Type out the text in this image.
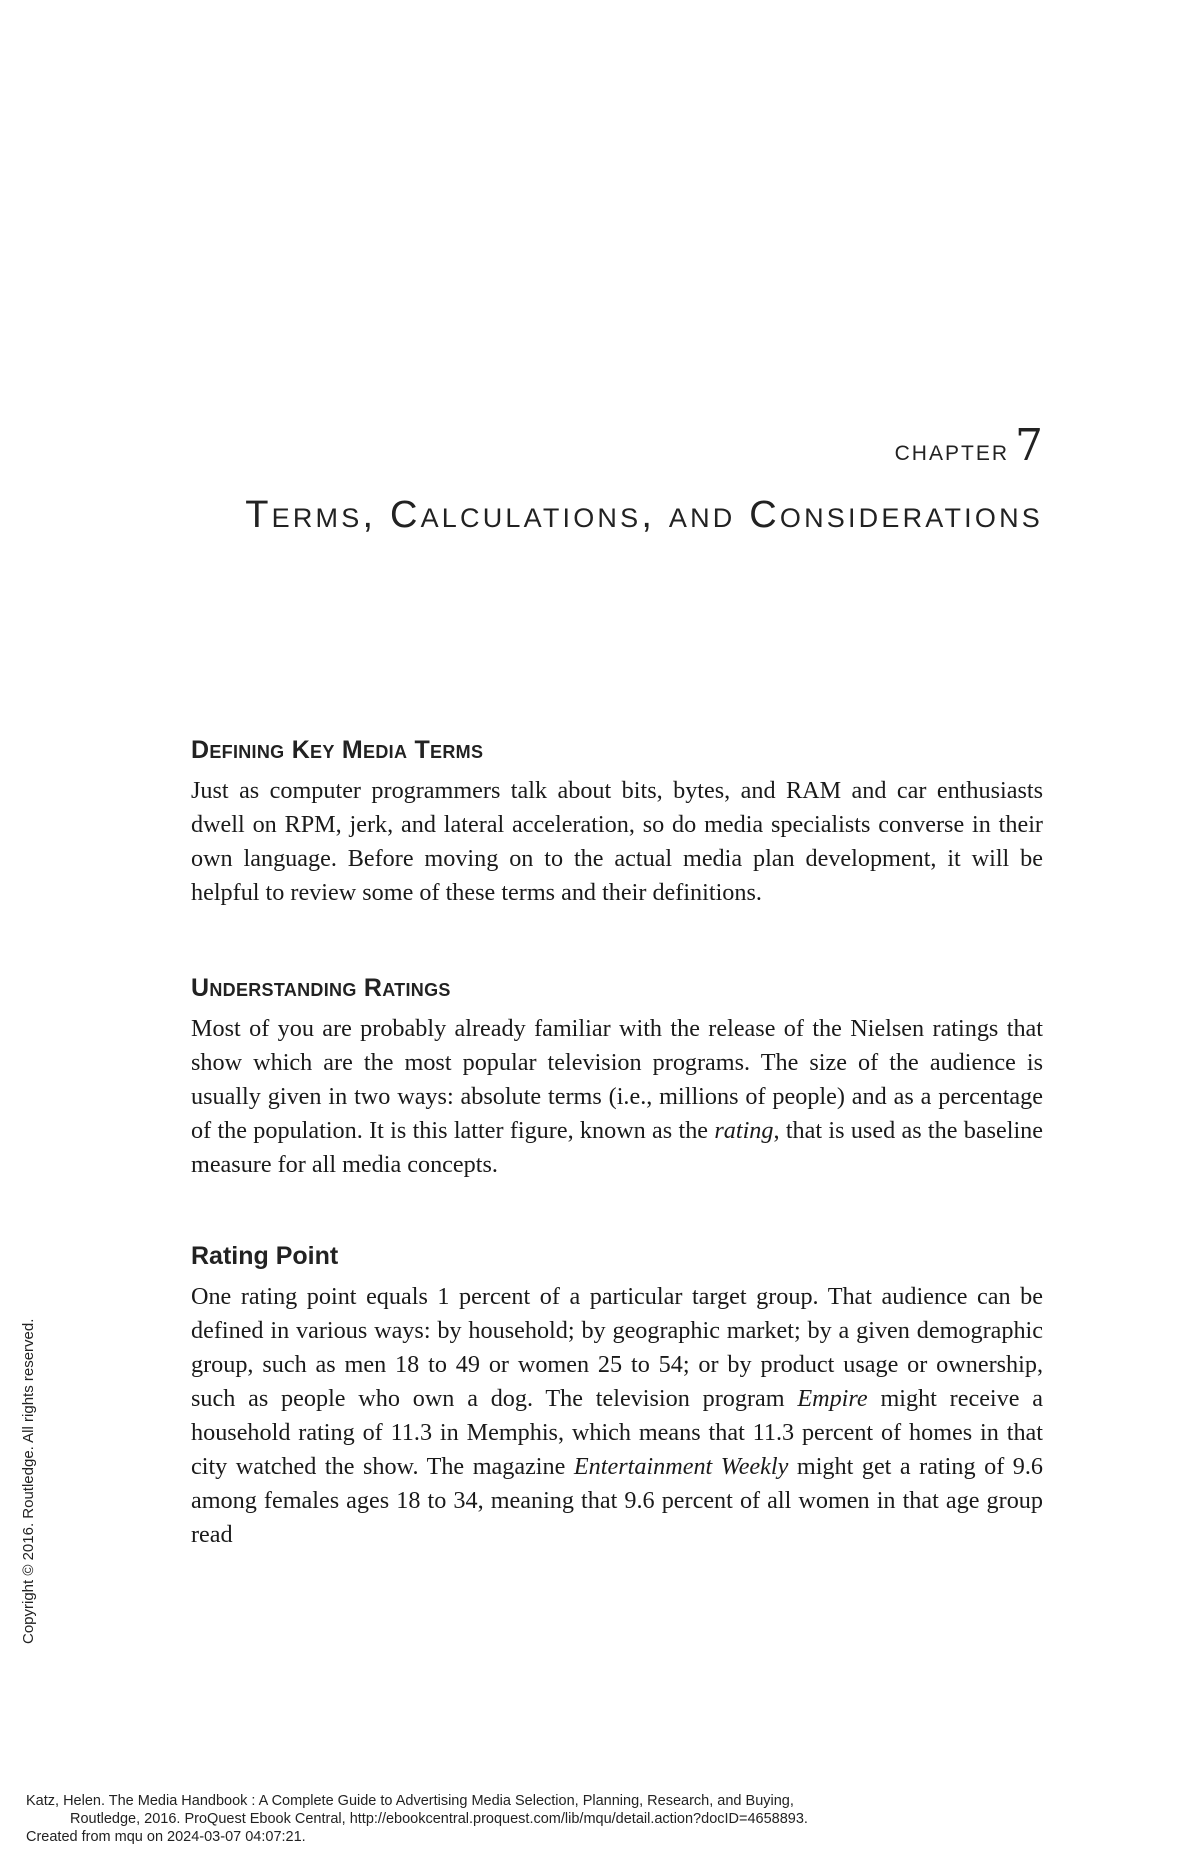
chapter 7
Terms, Calculations, and Considerations
Defining Key Media Terms

Just as computer programmers talk about bits, bytes, and RAM and car enthusiasts dwell on RPM, jerk, and lateral acceleration, so do media specialists converse in their own language. Before moving on to the actual media plan development, it will be helpful to review some of these terms and their definitions.

Understanding Ratings

Most of you are probably already familiar with the release of the Nielsen ratings that show which are the most popular television programs. The size of the audience is usually given in two ways: absolute terms (i.e., millions of people) and as a percentage of the population. It is this latter figure, known as the rating, that is used as the baseline measure for all media concepts.

Rating Point

One rating point equals 1 percent of a particular target group. That audience can be defined in various ways: by household; by geographic market; by a given demographic group, such as men 18 to 49 or women 25 to 54; or by product usage or ownership, such as people who own a dog. The television program Empire might receive a household rating of 11.3 in Memphis, which means that 11.3 percent of homes in that city watched the show. The magazine Entertainment Weekly might get a rating of 9.6 among females ages 18 to 34, meaning that 9.6 percent of all women in that age group read

Copyright © 2016. Routledge. All rights reserved.
Katz, Helen. The Media Handbook : A Complete Guide to Advertising Media Selection, Planning, Research, and Buying,
Routledge, 2016. ProQuest Ebook Central, http://ebookcentral.proquest.com/lib/mqu/detail.action?docID=4658893.
Created from mqu on 2024-03-07 04:07:21.
